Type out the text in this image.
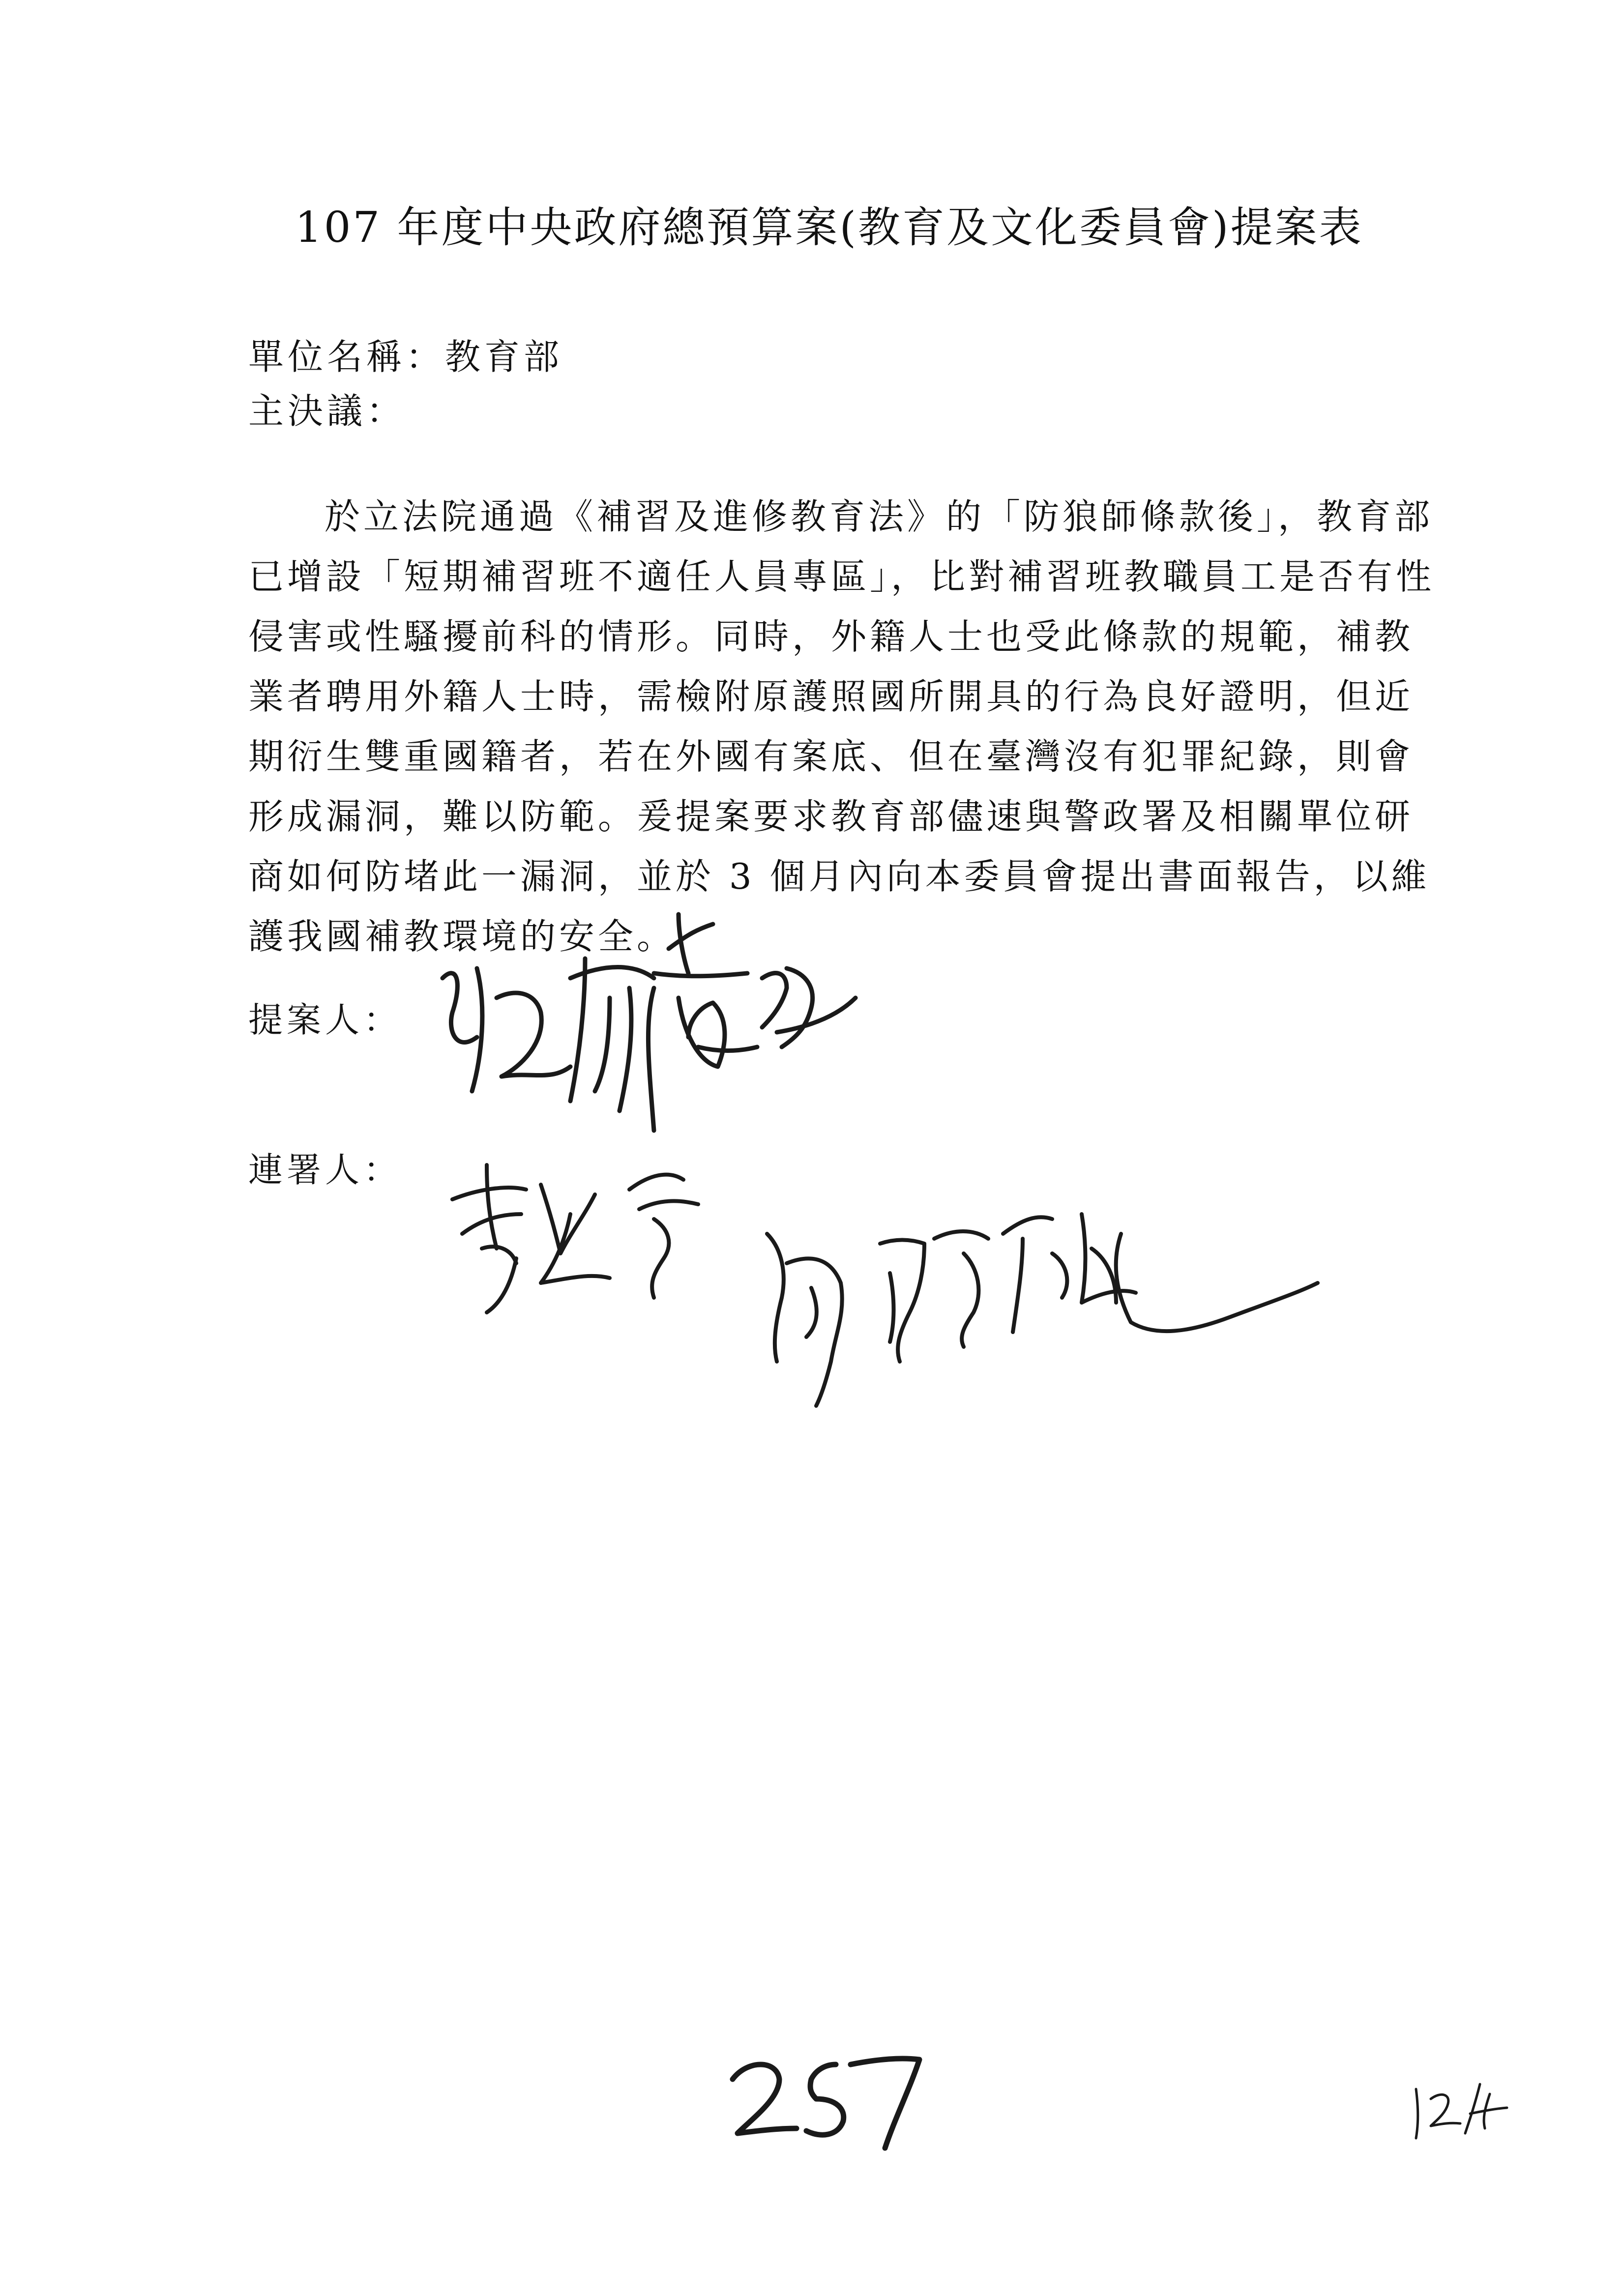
107 年度中央政府總預算案(教育及文化委員會)提案表
單位名稱：教育部
主決議：
於立法院通過《補習及進修教育法》的「防狼師條款後」，教育部
已增設「短期補習班不適任人員專區」，比對補習班教職員工是否有性
侵害或性騷擾前科的情形。同時，外籍人士也受此條款的規範，補教
業者聘用外籍人士時，需檢附原護照國所開具的行為良好證明，但近
期衍生雙重國籍者，若在外國有案底、但在臺灣沒有犯罪紀錄，則會
形成漏洞，難以防範。爰提案要求教育部儘速與警政署及相關單位研
商如何防堵此一漏洞，並於 3 個月內向本委員會提出書面報告，以維
護我國補教環境的安全。
提案人：
連署人：
